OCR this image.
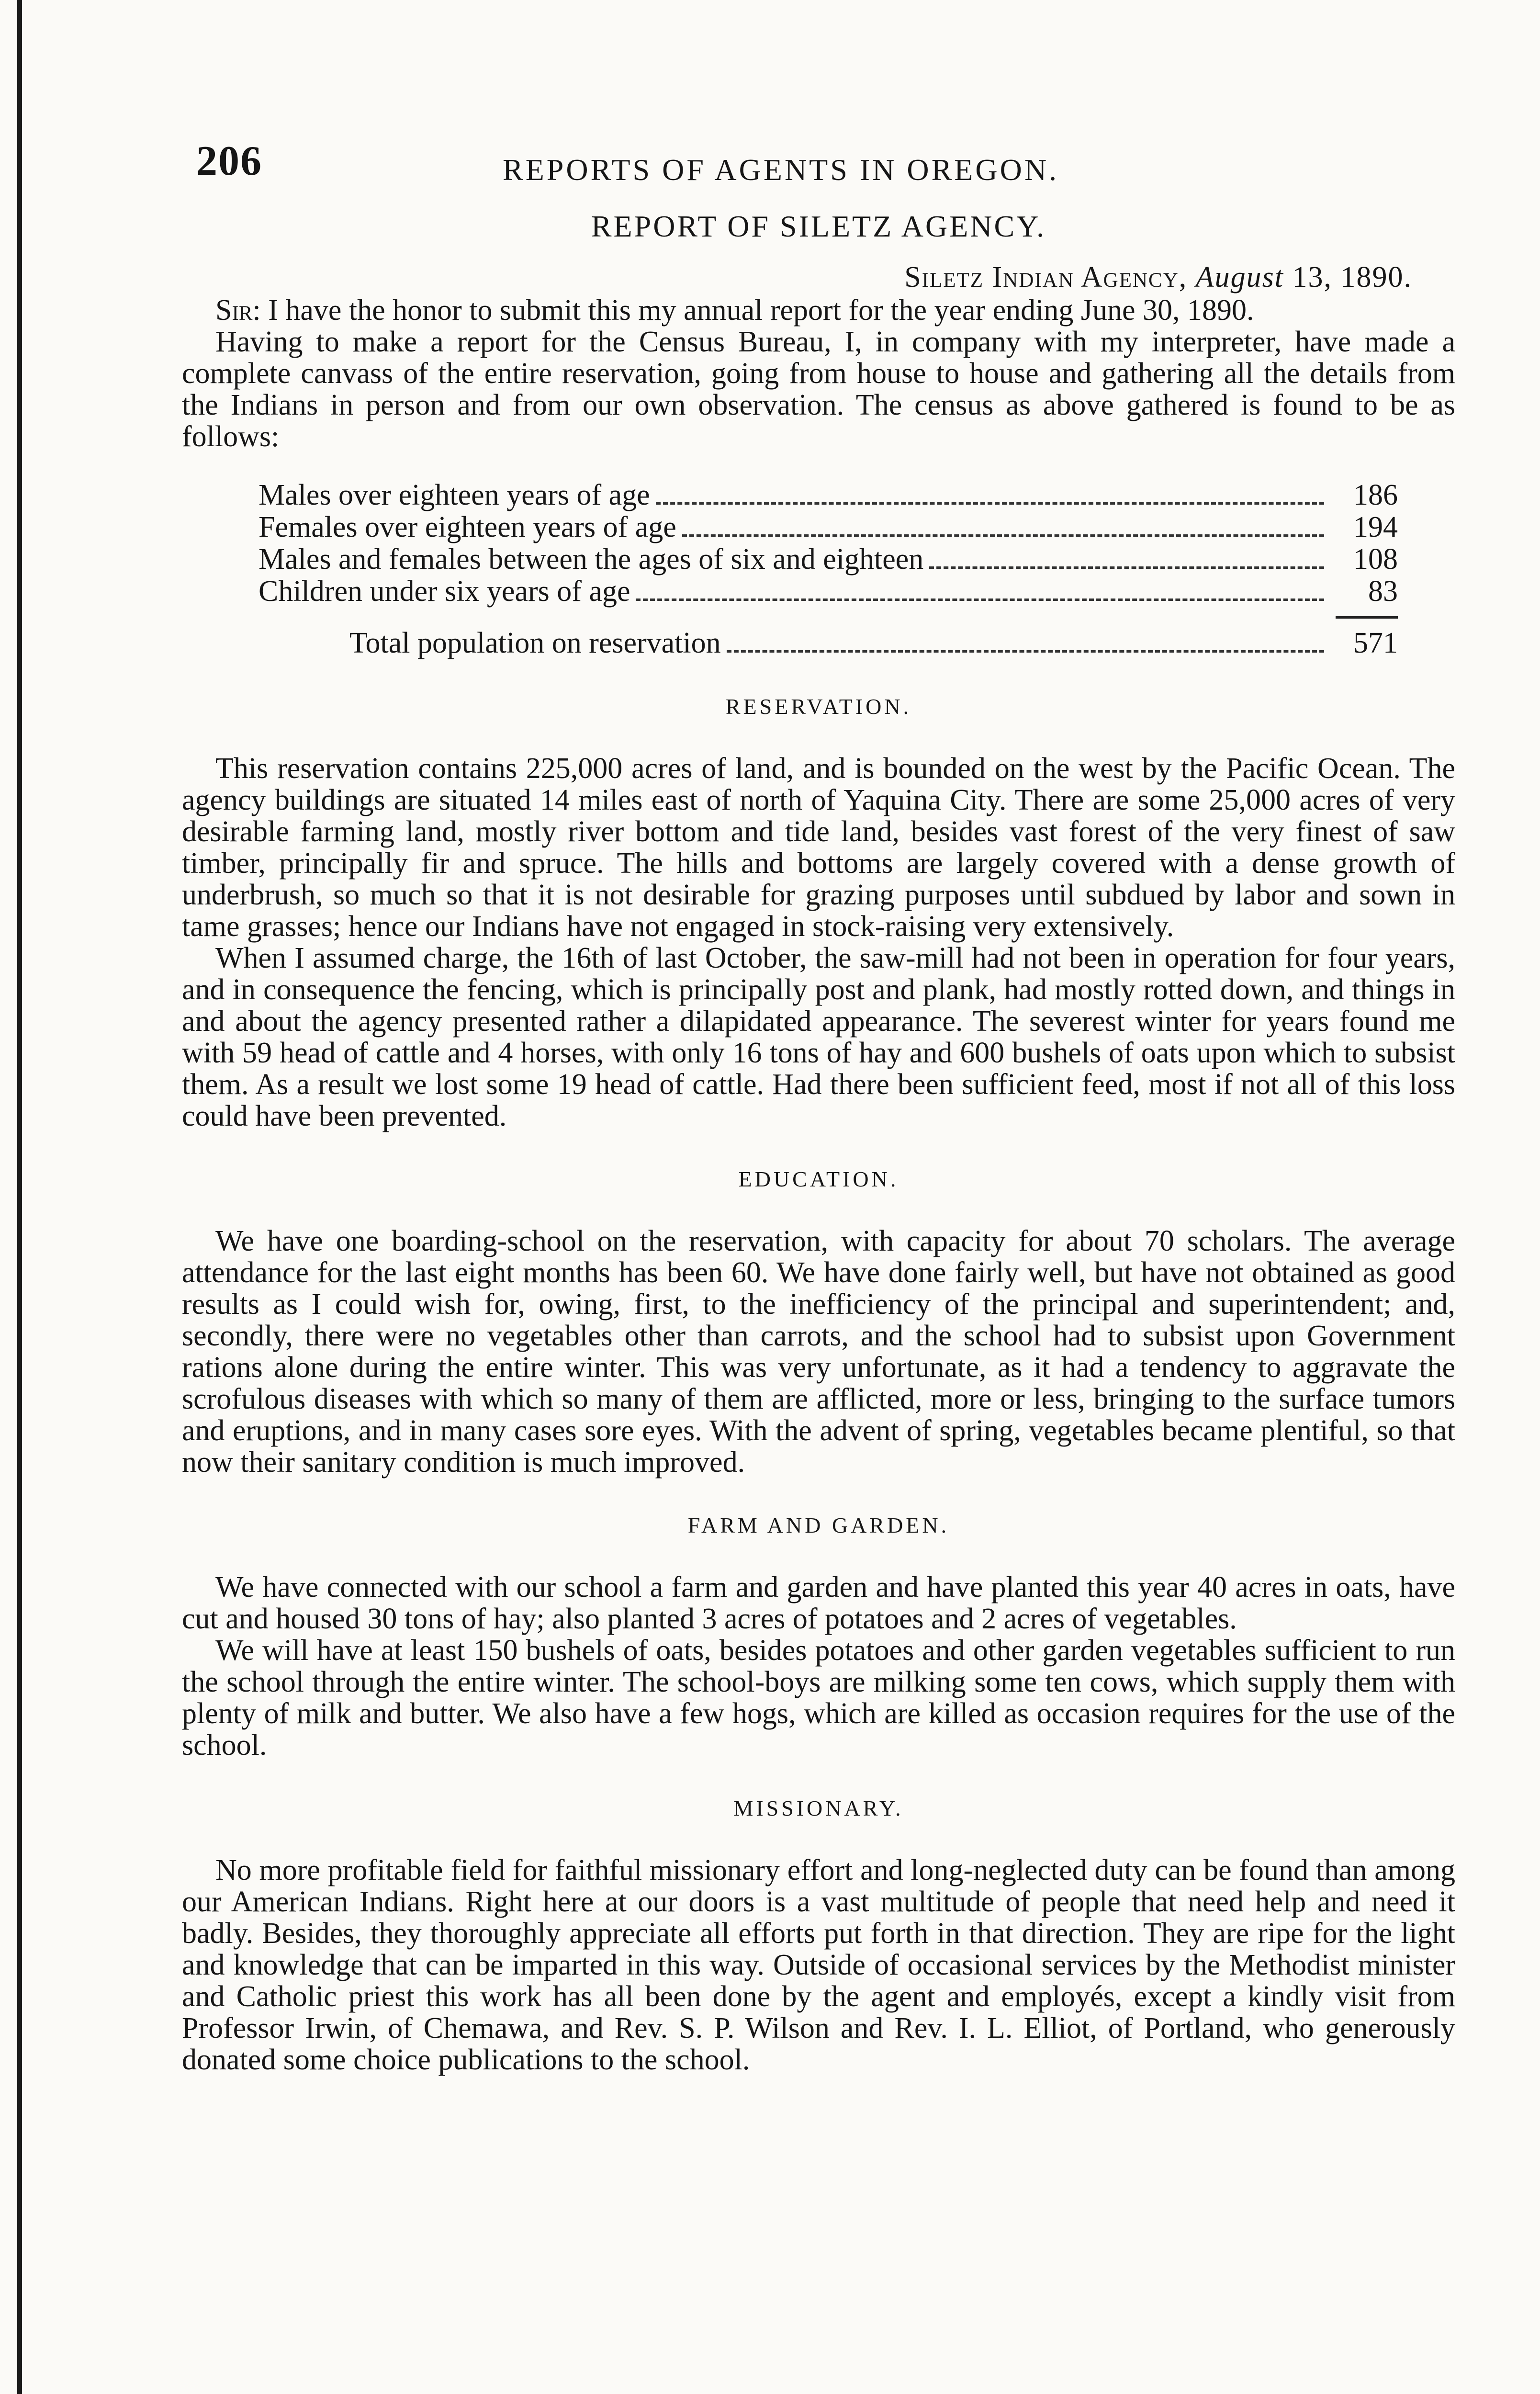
206	REPORTS OF AGENTS IN OREGON.
REPORT OF SILETZ AGENCY.
Siletz Indian Agency, August 13, 1890.

Sir: I have the honor to submit this my annual report for the year ending June 30, 1890.

Having to make a report for the Census Bureau, I, in company with my interpreter, have made a complete canvass of the entire reservation, going from house to house and gathering all the details from the Indians in person and from our own observation. The census as above gathered is found to be as follows:

Males over eighteen years of age	186
Females over eighteen years of age	194
Males and females between the ages of six and eighteen	108
Children under six years of age	83
Total population on reservation	571
RESERVATION.

This reservation contains 225,000 acres of land, and is bounded on the west by the Pacific Ocean. The agency buildings are situated 14 miles east of north of Yaquina City. There are some 25,000 acres of very desirable farming land, mostly river bottom and tide land, besides vast forest of the very finest of saw timber, principally fir and spruce. The hills and bottoms are largely covered with a dense growth of underbrush, so much so that it is not desirable for grazing purposes until subdued by labor and sown in tame grasses; hence our Indians have not engaged in stock-raising very extensively.

When I assumed charge, the 16th of last October, the saw-mill had not been in operation for four years, and in consequence the fencing, which is principally post and plank, had mostly rotted down, and things in and about the agency presented rather a dilapidated appearance. The severest winter for years found me with 59 head of cattle and 4 horses, with only 16 tons of hay and 600 bushels of oats upon which to subsist them. As a result we lost some 19 head of cattle. Had there been sufficient feed, most if not all of this loss could have been prevented.

EDUCATION.

We have one boarding-school on the reservation, with capacity for about 70 scholars. The average attendance for the last eight months has been 60. We have done fairly well, but have not obtained as good results as I could wish for, owing, first, to the inefficiency of the principal and superintendent; and, secondly, there were no vegetables other than carrots, and the school had to subsist upon Government rations alone during the entire winter. This was very unfortunate, as it had a tendency to aggravate the scrofulous diseases with which so many of them are afflicted, more or less, bringing to the surface tumors and eruptions, and in many cases sore eyes. With the advent of spring, vegetables became plentiful, so that now their sanitary condition is much improved.

FARM AND GARDEN.

We have connected with our school a farm and garden and have planted this year 40 acres in oats, have cut and housed 30 tons of hay; also planted 3 acres of potatoes and 2 acres of vegetables.

We will have at least 150 bushels of oats, besides potatoes and other garden vegetables sufficient to run the school through the entire winter. The school-boys are milking some ten cows, which supply them with plenty of milk and butter. We also have a few hogs, which are killed as occasion requires for the use of the school.

MISSIONARY.

No more profitable field for faithful missionary effort and long-neglected duty can be found than among our American Indians. Right here at our doors is a vast multitude of people that need help and need it badly. Besides, they thoroughly appreciate all efforts put forth in that direction. They are ripe for the light and knowledge that can be imparted in this way. Outside of occasional services by the Methodist minister and Catholic priest this work has all been done by the agent and employés, except a kindly visit from Professor Irwin, of Chemawa, and Rev. S. P. Wilson and Rev. I. L. Elliot, of Portland, who generously donated some choice publications to the school.
